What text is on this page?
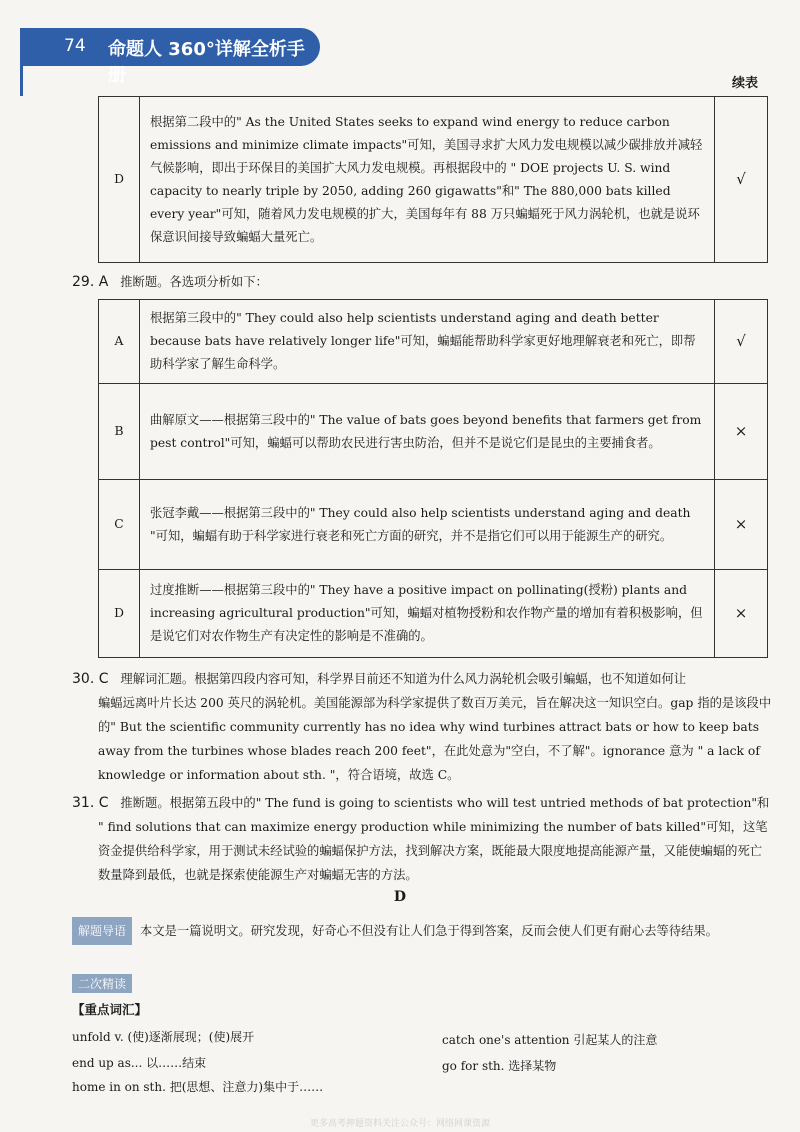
74 命题人 360°详解全析手册	续表
D	根据第二段中的" As the United States seeks to expand wind energy to reduce carbon emissions and minimize climate impacts"可知，美国寻求扩大风力发电规模以减少碳排放并减轻气候影响，即出于环保目的美国扩大风力发电规模。再根据段中的 " DOE projects U. S. wind capacity to nearly triple by 2050, adding 260 gigawatts"和" The 880,000 bats killed every year"可知，随着风力发电规模的扩大，美国每年有 88 万只蝙蝠死于风力涡轮机，也就是说环保意识间接导致蝙蝠大量死亡。	√
29. A 推断题。各选项分析如下：
A	根据第三段中的" They could also help scientists understand aging and death better because bats have relatively longer life"可知，蝙蝠能帮助科学家更好地理解衰老和死亡，即帮助科学家了解生命科学。	√
B	曲解原文——根据第三段中的" The value of bats goes beyond benefits that farmers get from pest control"可知，蝙蝠可以帮助农民进行害虫防治，但并不是说它们是昆虫的主要捕食者。	×
C	张冠李戴——根据第三段中的" They could also help scientists understand aging and death "可知，蝙蝠有助于科学家进行衰老和死亡方面的研究，并不是指它们可以用于能源生产的研究。	×
D	过度推断——根据第三段中的" They have a positive impact on pollinating(授粉) plants and increasing agricultural production"可知，蝙蝠对植物授粉和农作物产量的增加有着积极影响，但是说它们对农作物生产有决定性的影响是不准确的。	×
30. C 理解词汇题。根据第四段内容可知，科学界目前还不知道为什么风力涡轮机会吸引蝙蝠，也不知道如何让
蝙蝠远离叶片长达 200 英尺的涡轮机。美国能源部为科学家提供了数百万美元，旨在解决这一知识空白。gap 指的是该段中的" But the scientific community currently has no idea why wind turbines attract bats or how to keep bats away from the turbines whose blades reach 200 feet"，在此处意为"空白，不了解"。ignorance 意为 " a lack of knowledge or information about sth. "，符合语境，故选 C。
31. C 推断题。根据第五段中的" The fund is going to scientists who will test untried methods of bat protection"和
" find solutions that can maximize energy production while minimizing the number of bats killed"可知，这笔资金提供给科学家，用于测试未经试验的蝙蝠保护方法，找到解决方案，既能最大限度地提高能源产量，又能使蝙蝠的死亡数量降到最低，也就是探索使能源生产对蝙蝠无害的方法。
D
解题导语 本文是一篇说明文。研究发现，好奇心不但没有让人们急于得到答案，反而会使人们更有耐心去等待结果。
二次精读
【重点词汇】
unfold v. (使)逐渐展现；(使)展开
end up as... 以……结束
home in on sth. 把(思想、注意力)集中于……
catch one's attention 引起某人的注意
go for sth. 选择某物
更多高考押题资料关注公众号：网络网课资源
